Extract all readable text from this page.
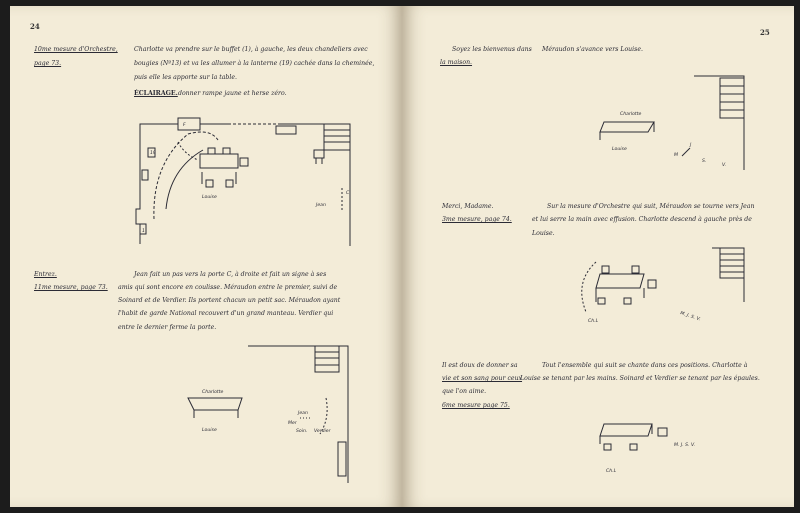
24
10me mesure d'Orchestre,
page 73.
Charlotte va prendre sur le buffet (1), à gauche, les deux chandeliers avec
bougies (Nº13) et va les allumer à la lanterne (19) cachée dans la cheminée,
puis elle les apporte sur la table.
ÉCLAIRAGE. donner rampe jaune et herse zéro.
F
19
Louise
Jean
C
1
Entrez.
11me mesure, page 73.
Jean fait un pas vers la porte C, à droite et fait un signe à ses
amis qui sont encore en coulisse. Méraudon entre le premier, suivi de
Soinard et de Verdier. Ils portent chacun un petit sac. Méraudon ayant
l'habit de garde National recouvert d'un grand manteau. Verdier qui
entre le dernier ferme la porte.
Charlotte
Louise
Jean
Mer
Soin. Verdier
25
Soyez les bienvenus dans
la maison.
Méraudon s'avance vers Louise.
Charlotte
Louise
J
M
S.
V.
Merci, Madame.
3me mesure, page 74.
Sur la mesure d'Orchestre qui suit, Méraudon se tourne vers Jean
et lui serre la main avec effusion. Charlotte descend à gauche près de
Louise.
Ch.L	M. J. S. V.
Il est doux de donner sa
vie et son sang pour ceux
que l'on aime.
6me mesure page 75.
Tout l'ensemble qui suit se chante dans ces positions. Charlotte à
Louise se tenant par les mains. Soinard et Verdier se tenant par les épaules.
M. J. S. V.
Ch.L
